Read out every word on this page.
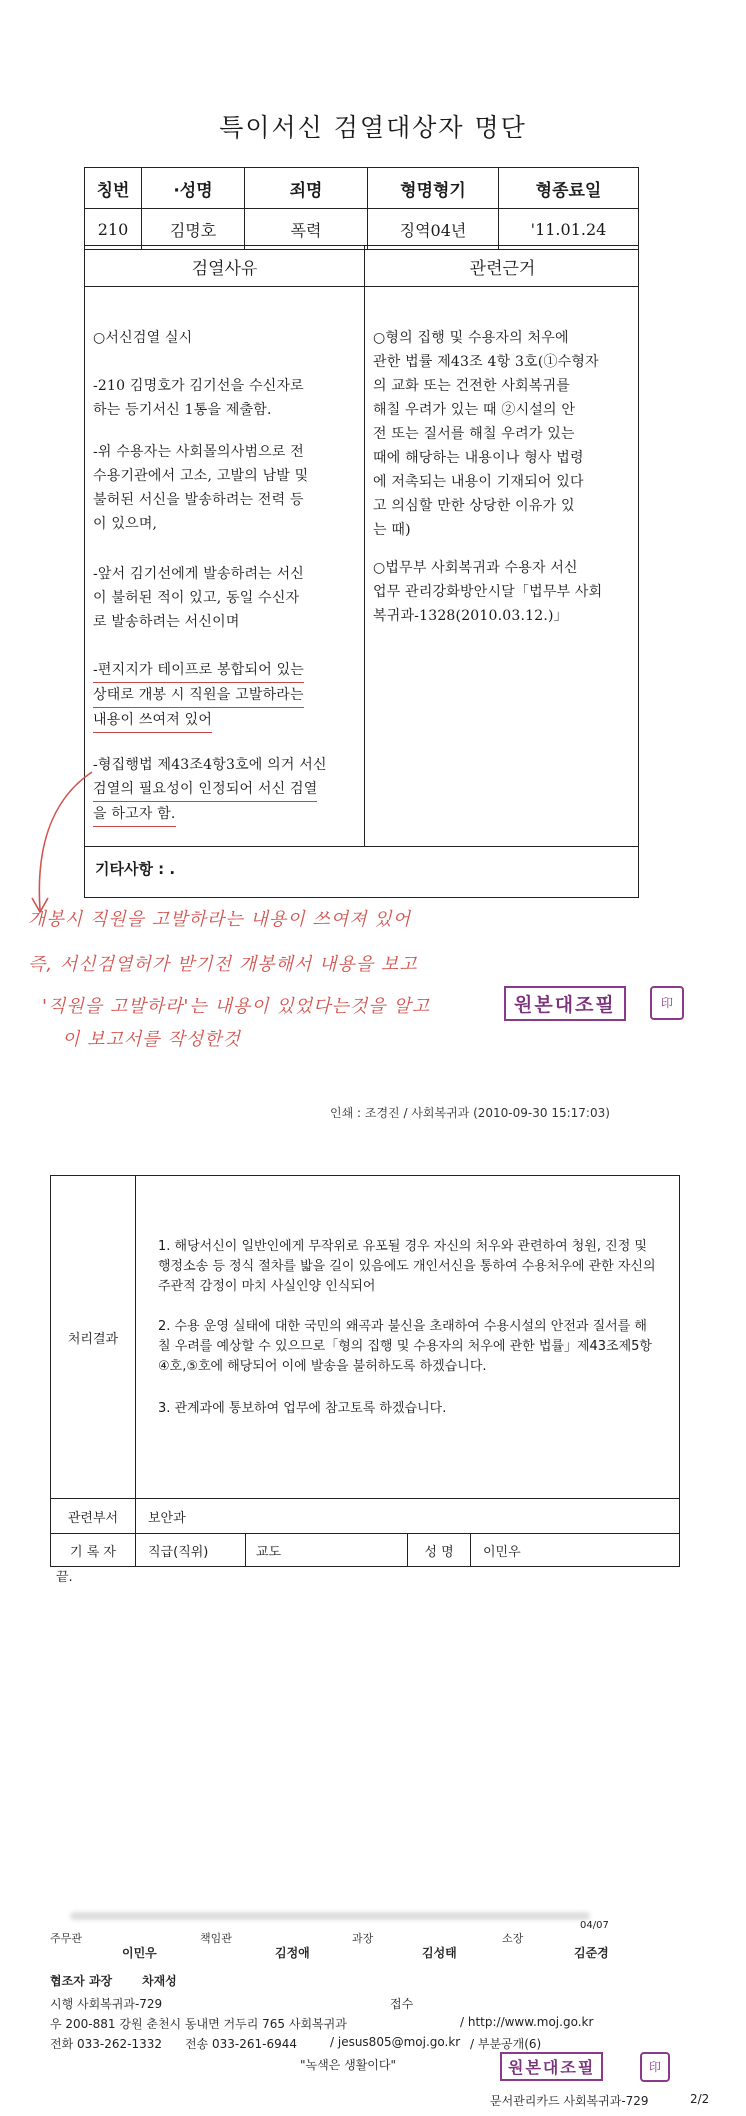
특이서신 검열대상자 명단
칭번	·성명	죄명	형명형기	형종료일
210	김명호	폭력	징역04년	'11.01.24
검열사유	관련근거
○서신검열 실시
-210 김명호가 김기선을 수신자로
하는 등기서신 1통을 제출함.
-위 수용자는 사회몰의사범으로 전
수용기관에서 고소, 고발의 남발 및
불허된 서신을 발송하려는 전력 등
이 있으며,
-앞서 김기선에게 발송하려는 서신
이 불허된 적이 있고, 동일 수신자
로 발송하려는 서신이며
-편지지가 테이프로 봉합되어 있는 상태로 개봉 시 직원을 고발하라는 내용이 쓰여져 있어
-형집행법 제43조4항3호에 의거 서신
검열의 필요성이 인정되어 서신 검열 을 하고자 함.
○형의 집행 및 수용자의 처우에
관한 법률 제43조 4항 3호(①수형자
의 교화 또는 건전한 사회복귀를
해칠 우려가 있는 때 ②시설의 안
전 또는 질서를 해칠 우려가 있는
때에 해당하는 내용이나 형사 법령
에 저촉되는 내용이 기재되어 있다
고 의심할 만한 상당한 이유가 있
는 때)
○법무부 사회복귀과 수용자 서신
업무 관리강화방안시달「법무부 사회
복귀과-1328(2010.03.12.)」
기타사항 : .
개봉시 직원을 고발하라는 내용이 쓰여져 있어
즉, 서신검열허가 받기전 개봉해서 내용을 보고
'직원을 고발하라'는 내용이 있었다는것을 알고
이 보고서를 작성한것
원본대조필	印
인쇄 : 조경진 / 사회복귀과 (2010-09-30 15:17:03)
처리결과	1. 해당서신이 일반인에게 무작위로 유포될 경우 자신의 처우와 관련하여 청원, 진정 및 행정소송 등 정식 절차를 밟을 길이 있음에도 개인서신을 통하여 수용처우에 관한 자신의 주관적 감정이 마치 사실인양 인식되어
2. 수용 운영 실태에 대한 국민의 왜곡과 불신을 초래하여 수용시설의 안전과 질서를 해칠 우려를 예상할 수 있으므로「형의 집행 및 수용자의 처우에 관한 법률」제43조제5항④호,⑤호에 해당되어 이에 발송을 불허하도록 하겠습니다.
3. 관계과에 통보하여 업무에 참고토록 하겠습니다.			

관련부서	보안과			
기 록 자	직급(직위)	교도	성 명	이민우
끝.
주무관
이민우
책임관
김정애
과장
김성태
소장
04/07
김준경
협조자 과장 차재성
시행 사회복귀과-729	접수
우 200-881 강원 춘천시 동내면 거두리 765 사회복귀과	/ http://www.moj.go.kr
전화 033-262-1332 전송 033-261-6944	/ jesus805@moj.go.kr / 부분공개(6)
"녹색은 생활이다"	원본대조필	印
문서관리카드 사회복귀과-729	2/2
